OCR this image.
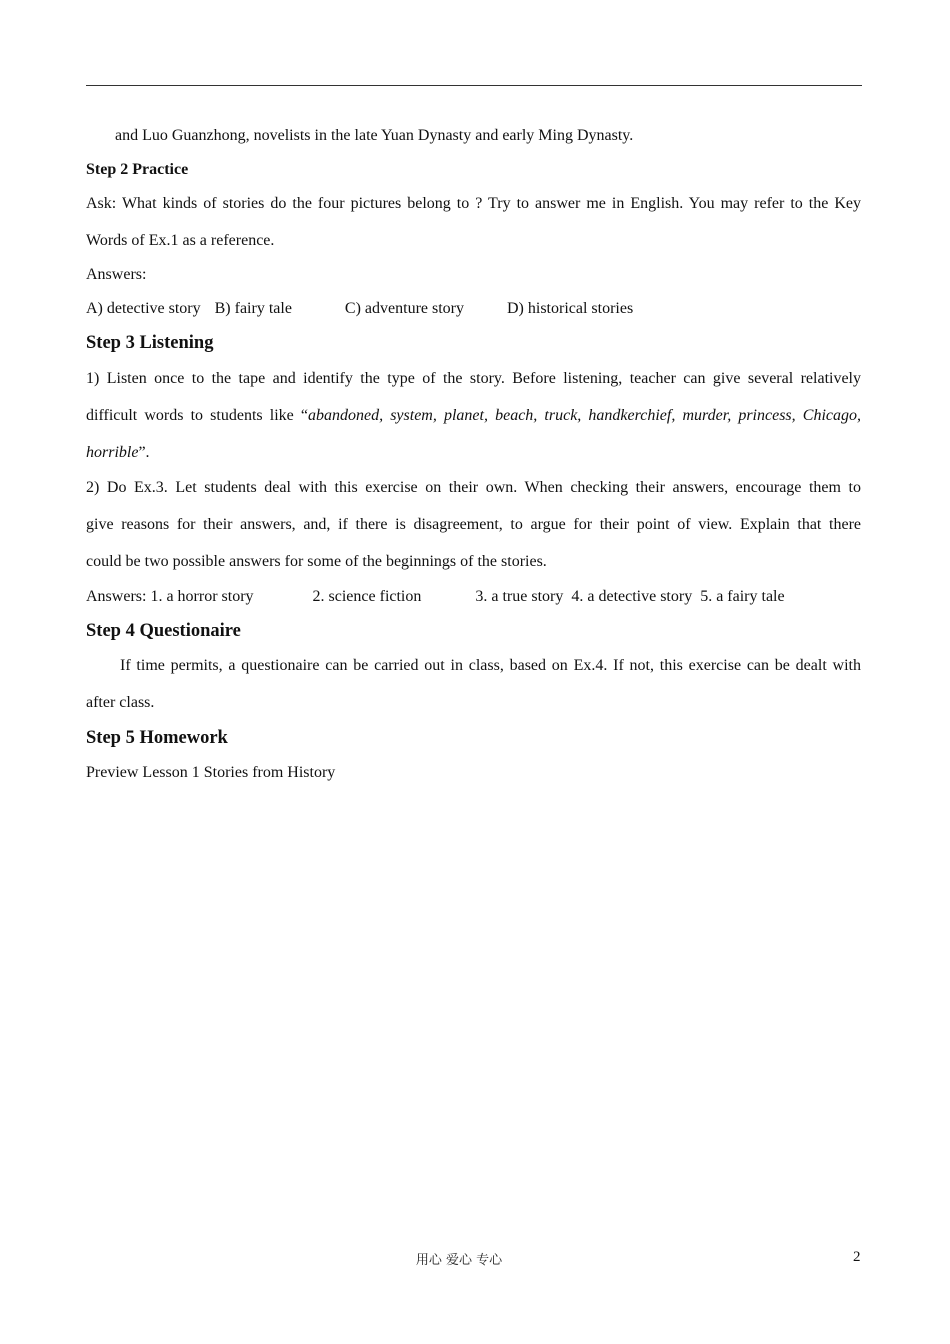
and Luo Guanzhong, novelists in the late Yuan Dynasty and early Ming Dynasty.
Step 2 Practice
Ask: What kinds of stories do the four pictures belong to ? Try to answer me in English. You may refer to the Key
Words of Ex.1 as a reference.
Answers:
A) detective story B) fairy tale	C) adventure story	D) historical stories
Step 3 Listening
1) Listen once to the tape and identify the type of the story. Before listening, teacher can give several relatively
difficult words to students like “abandoned, system, planet, beach, truck, handkerchief, murder, princess, Chicago,
horrible”.
2) Do Ex.3. Let students deal with this exercise on their own. When checking their answers, encourage them to
give reasons for their answers, and, if there is disagreement, to argue for their point of view. Explain that there
could be two possible answers for some of the beginnings of the stories.
Answers: 1. a horror story	2. science fiction	3. a true story 4. a detective story 5. a fairy tale
Step 4 Questionaire
If time permits, a questionaire can be carried out in class, based on Ex.4. If not, this exercise can be dealt with
after class.
Step 5 Homework
Preview Lesson 1 Stories from History
用心 爱心 专心	2
